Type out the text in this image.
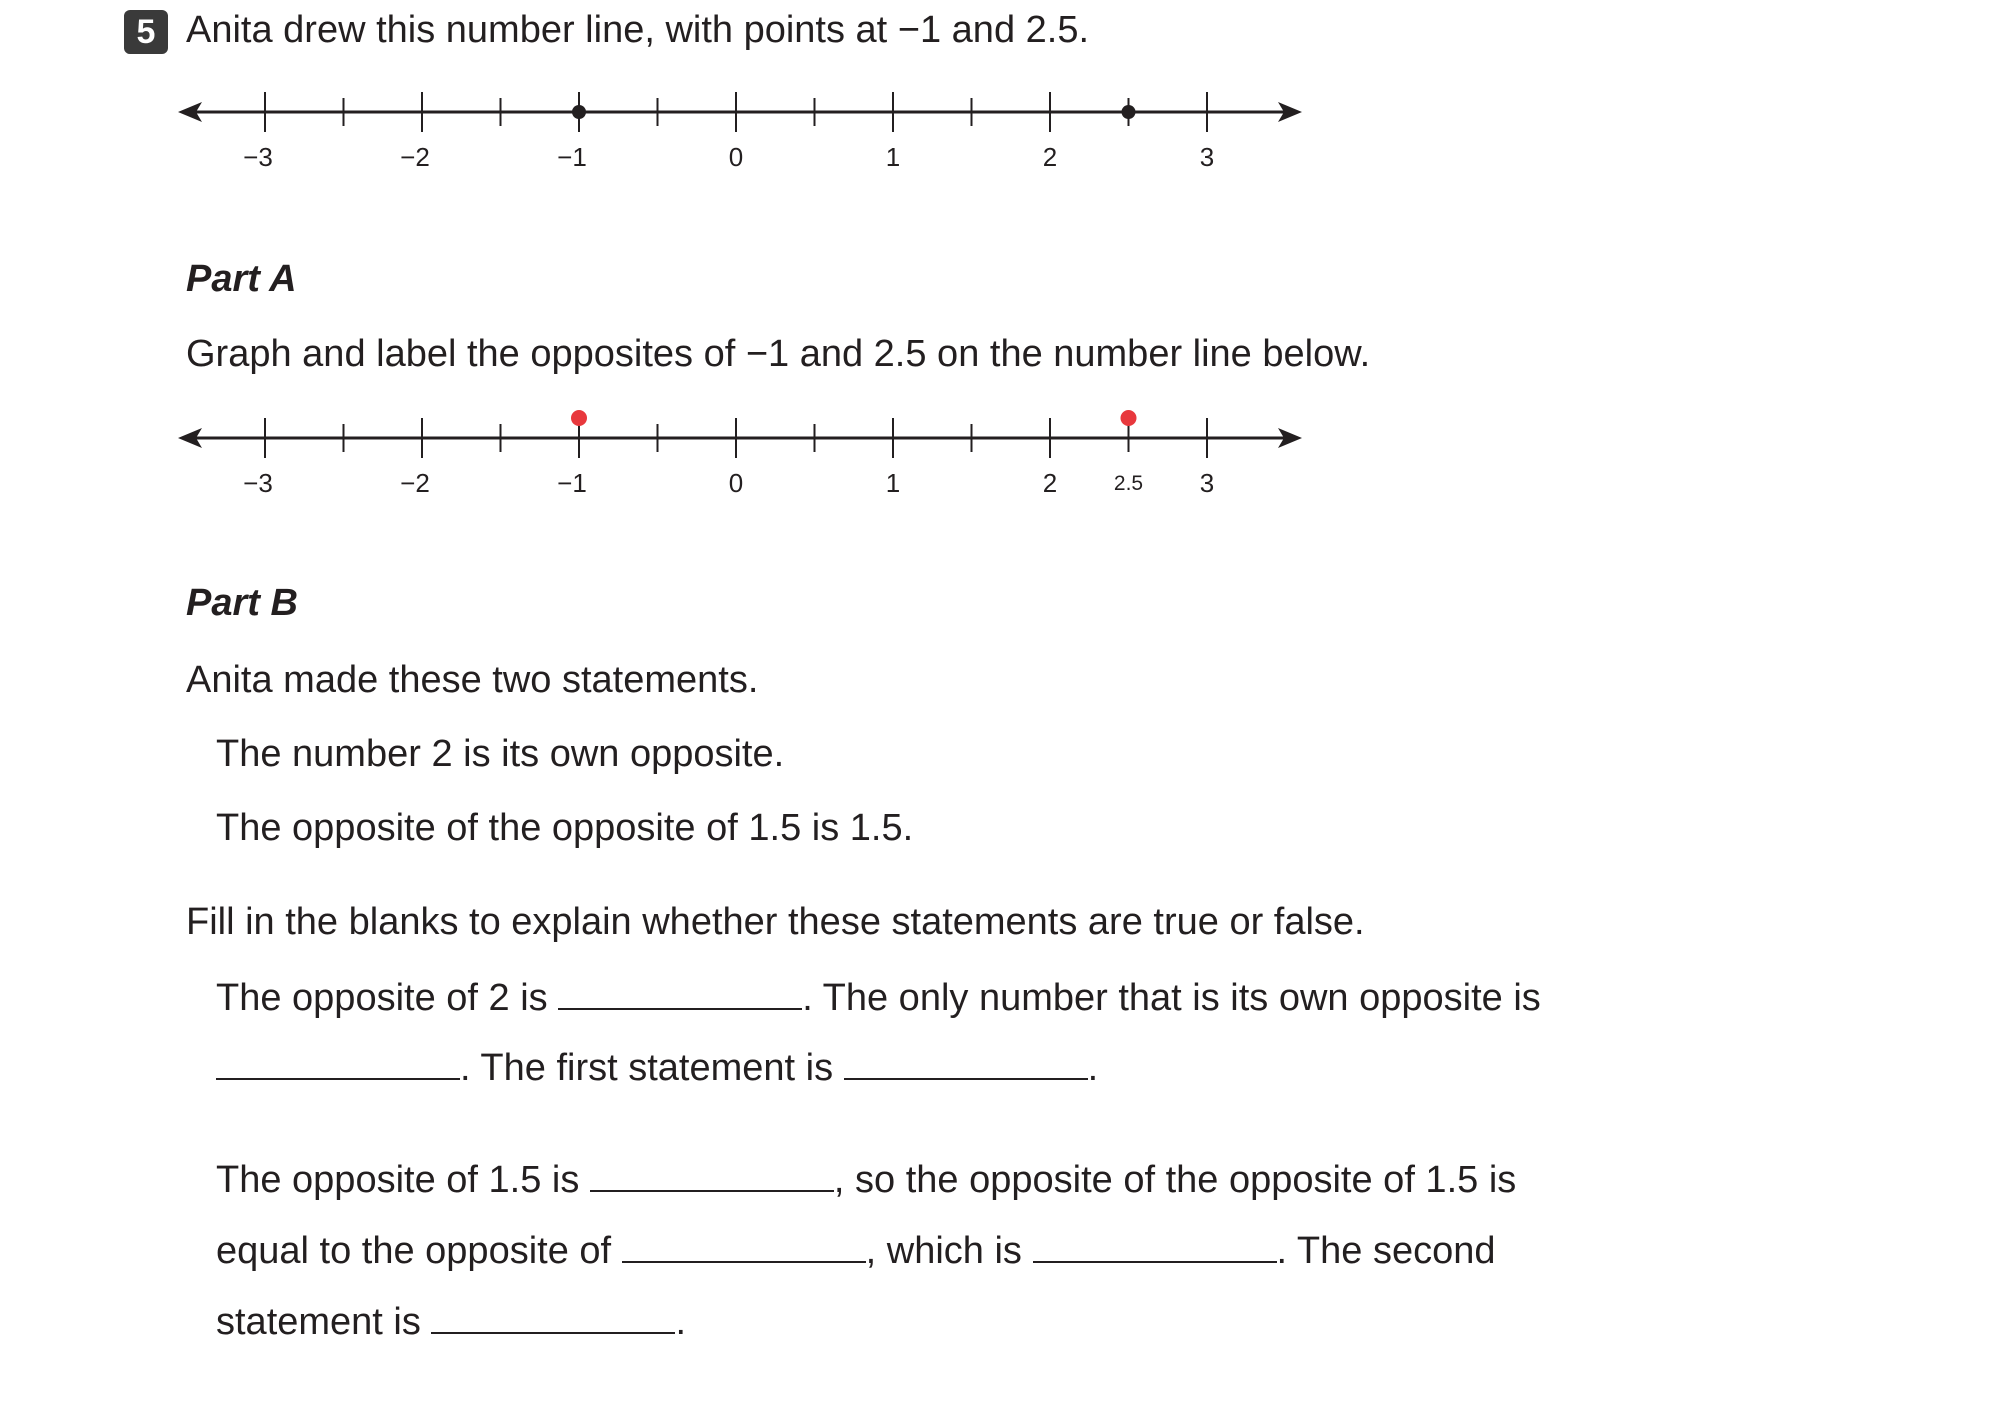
5 Anita drew this number line, with points at −1 and 2.5.
−3	−2	−1	0	1	2	3
Part A
Graph and label the opposites of −1 and 2.5 on the number line below.
−3	−2	−1	0	1	2	3
2.5
Part B
Anita made these two statements.
The number 2 is its own opposite.
The opposite of the opposite of 1.5 is 1.5.
Fill in the blanks to explain whether these statements are true or false.
The opposite of 2 is	. The only number that is its own opposite is
. The first statement is	.
The opposite of 1.5 is	, so the opposite of the opposite of 1.5 is
equal to the opposite of	, which is	. The second
statement is	.
